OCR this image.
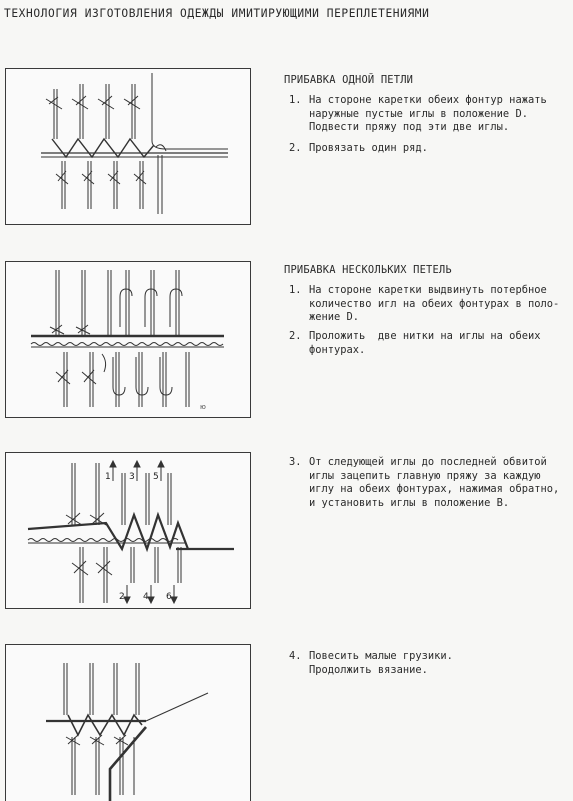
ТЕХНОЛОГИЯ ИЗГОТОВЛЕНИЯ ОДЕЖДЫ ИМИТИРУЮЩИМИ ПЕРЕПЛЕТЕНИЯМИ
ПРИБАВКА ОДНОЙ ПЕТЛИ
1. На стороне каретки обеих фонтур нажать
наружные пустые иглы в положение D.
Подвести пряжу под эти две иглы.
2. Провязать один ряд.
ю
ПРИБАВКА НЕСКОЛЬКИХ ПЕТЕЛЬ
1. На стороне каретки выдвинуть потербное
количество игл на обеих фонтурах в поло-
жение D.
2. Проложить  две нитки на иглы на обеих
фонтурах.
1 3 5
2 4 6
3. От следующей иглы до последней обвитой
иглы зацепить главную пряжу за каждую
иглу на обеих фонтурах, нажимая обратно,
и установить иглы в положение В.
4. Повесить малые грузики.
Продолжить вязание.
